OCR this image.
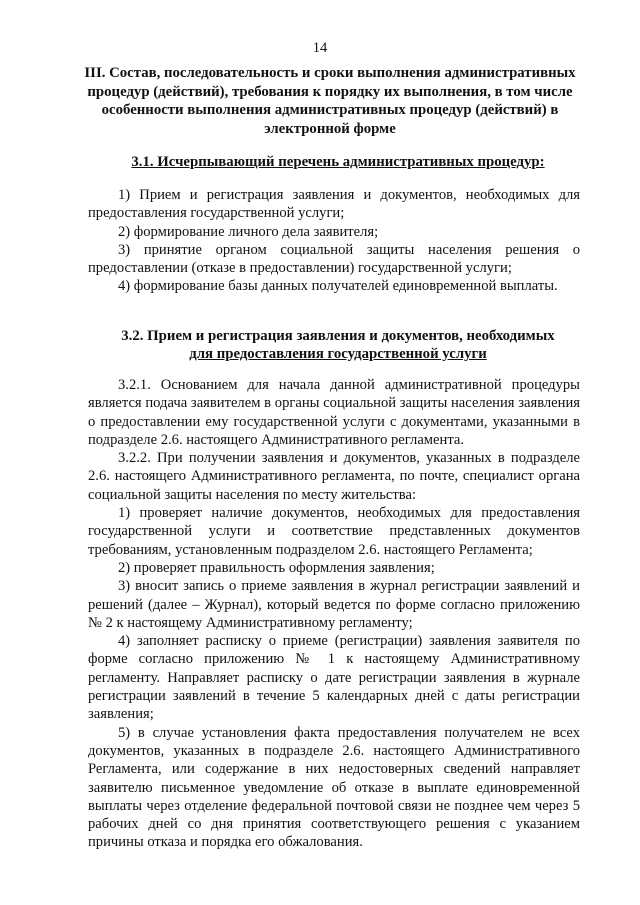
14
III. Состав, последовательность и сроки выполнения административных процедур (действий), требования к порядку их выполнения, в том числе особенности выполнения административных процедур (действий) в электронной форме
3.1. Исчерпывающий перечень административных процедур:

1) Прием и регистрация заявления и документов, необходимых для предоставления государственной услуги;

2) формирование личного дела заявителя;

3) принятие органом социальной защиты населения решения о предоставлении (отказе в предоставлении) государственной услуги;

4) формирование базы данных получателей единовременной выплаты.

3.2. Прием и регистрация заявления и документов, необходимых
для предоставления государственной услуги

3.2.1. Основанием для начала данной административной процедуры является подача заявителем в органы социальной защиты населения заявления о предоставлении ему государственной услуги с документами, указанными в подразделе 2.6. настоящего Административного регламента.

3.2.2. При получении заявления и документов, указанных в подразделе 2.6. настоящего Административного регламента, по почте, специалист органа социальной защиты населения по месту жительства:

1) проверяет наличие документов, необходимых для предоставления государственной услуги и соответствие представленных документов требованиям, установленным подразделом 2.6. настоящего Регламента;

2) проверяет правильность оформления заявления;

3) вносит запись о приеме заявления в журнал регистрации заявлений и решений (далее – Журнал), который ведется по форме согласно приложению № 2 к настоящему Административному регламенту;

4) заполняет расписку о приеме (регистрации) заявления заявителя по форме согласно приложению № 1 к настоящему Административному регламенту. Направляет расписку о дате регистрации заявления в журнале регистрации заявлений в течение 5 календарных дней с даты регистрации заявления;

5) в случае установления факта предоставления получателем не всех документов, указанных в подразделе 2.6. настоящего Административного Регламента, или содержание в них недостоверных сведений направляет заявителю письменное уведомление об отказе в выплате единовременной выплаты через отделение федеральной почтовой связи не позднее чем через 5 рабочих дней со дня принятия соответствующего решения с указанием причины отказа и порядка его обжалования.
